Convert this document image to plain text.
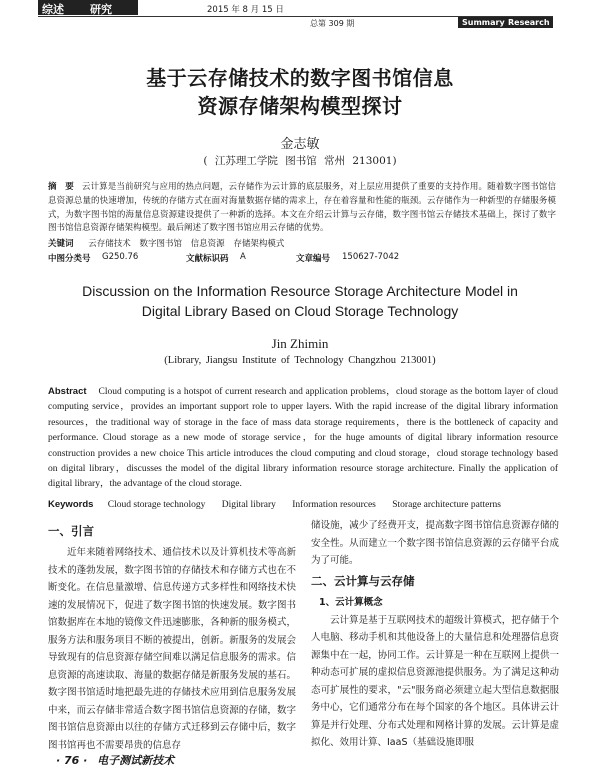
综述 研究	2015 年 8 月 15 日
总第 309 期	Summary Research
基于云存储技术的数字图书馆信息
资源存储架构模型探讨
金志敏
( 江苏理工学院 图书馆 常州 213001)
摘　要 云计算是当前研究与应用的热点问题，云存储作为云计算的底层服务，对上层应用提供了重要的支持作用。随着数字图书馆信息资源总量的快速增加，传统的存储方式在面对海量数据存储的需求上，存在着容量和性能的瓶颈。云存储作为一种新型的存储服务模式，为数字图书馆的海量信息资源建设提供了一种新的选择。本文在介绍云计算与云存储，数字图书馆云存储技术基础上，探讨了数字图书馆信息资源存储架构模型。最后阐述了数字图书馆应用云存储的优势。
关键词 云存储技术 数字图书馆 信息资源 存储架构模式
中图分类号 G250.76	文献标识码 A	文章编号 150627-7042
Discussion on the Information Resource Storage Architecture Model in
Digital Library Based on Cloud Storage Technology
Jin Zhimin
(Library, Jiangsu Institute of Technology Changzhou 213001)
Abstract Cloud computing is a hotspot of current research and application problems，cloud storage as the bottom layer of cloud computing service，provides an important support role to upper layers. With the rapid increase of the digital library information resources，the traditional way of storage in the face of mass data storage requirements，there is the bottleneck of capacity and performance. Cloud storage as a new mode of storage service，for the huge amounts of digital library information resource construction provides a new choice This article introduces the cloud computing and cloud storage，cloud storage technology based on digital library，discusses the model of the digital library information resource storage architecture. Finally the application of digital library，the advantage of the cloud storage.
Keywords Cloud storage technology Digital library Information resources Storage architecture patterns
一、引言

近年来随着网络技术、通信技术以及计算机技术等高新技术的蓬勃发展，数字图书馆的存储技术和存储方式也在不断变化。在信息量激增、信息传递方式多样性和网络技术快速的发展情况下，促进了数字图书馆的快速发展。数字图书馆数据库在本地的镜像文件迅速膨胀，各种新的服务模式，服务方法和服务项目不断的被提出，创新。新服务的发展会导致现有的信息资源存储空间难以满足信息服务的需求。信息资源的高速读取、海量的数据存储是新服务发展的基石。数字图书馆适时地把最先进的存储技术应用到信息服务发展中来，而云存储非常适合数字图书馆信息资源的存储，数字图书馆信息资源由以往的存储方式迁移到云存储中后，数字图书馆再也不需要昂贵的信息存

储设施，减少了经费开支，提高数字图书馆信息资源存储的安全性。从而建立一个数字图书馆信息资源的云存储平台成为了可能。

二、云计算与云存储
1、云计算概念

云计算是基于互联网技术的超级计算模式，把存储于个人电脑、移动手机和其他设备上的大量信息和处理器信息资源集中在一起，协同工作。云计算是一种在互联网上提供一种动态可扩展的虚拟信息资源池提供服务。为了满足这种动态可扩展性的要求，"云"服务商必须建立起大型信息数据服务中心，它们通常分布在每个国家的各个地区。具体讲云计算是并行处理、分布式处理和网格计算的发展。云计算是虚拟化、效用计算、IaaS（基础设施即服

· 76 · 电子测试新技术
